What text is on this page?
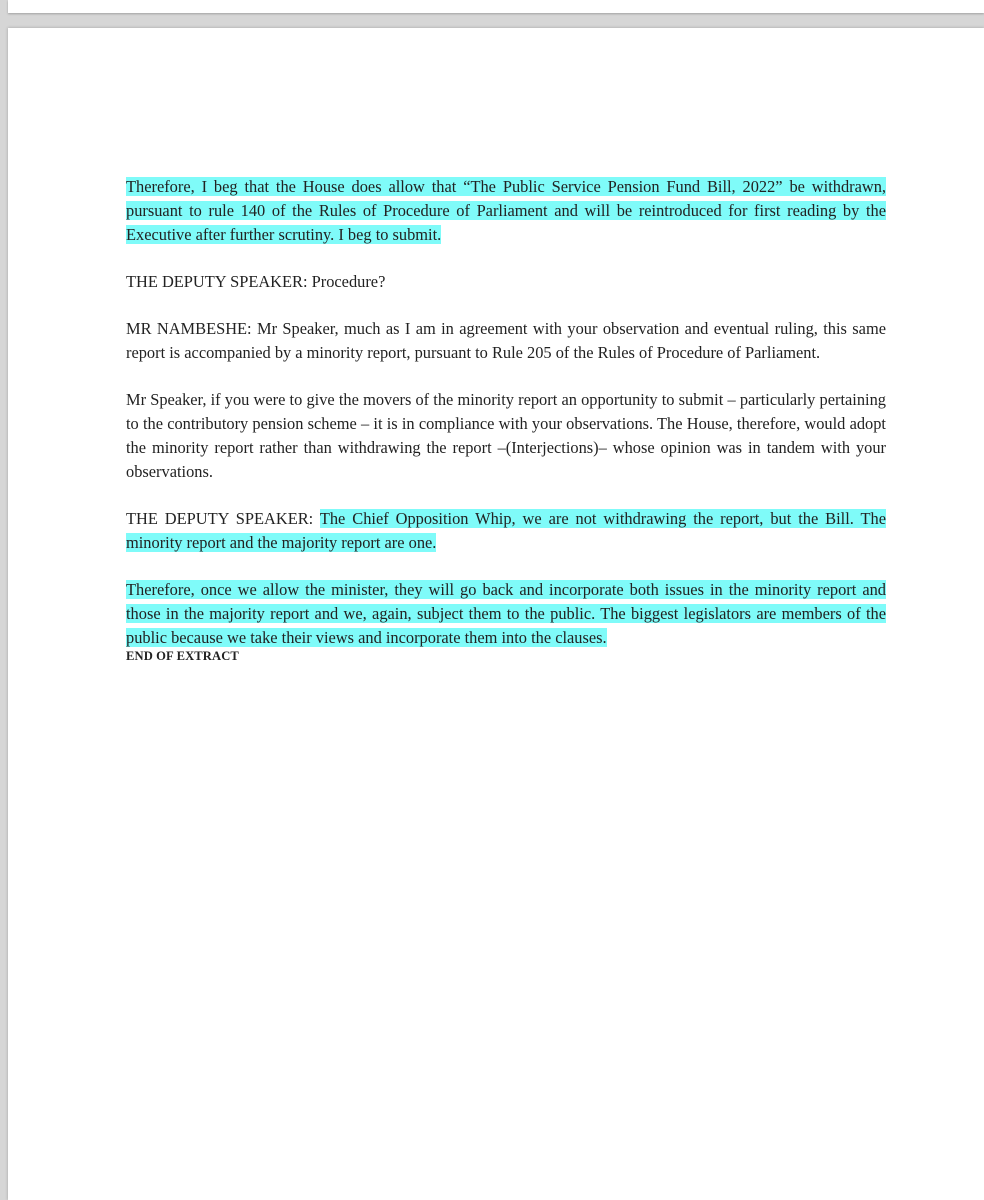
Therefore, I beg that the House does allow that “The Public Service Pension Fund Bill, 2022” be withdrawn, pursuant to rule 140 of the Rules of Procedure of Parliament and will be reintroduced for first reading by the Executive after further scrutiny. I beg to submit.

THE DEPUTY SPEAKER: Procedure?

MR NAMBESHE: Mr Speaker, much as I am in agreement with your observation and eventual ruling, this same report is accompanied by a minority report, pursuant to Rule 205 of the Rules of Procedure of Parliament.

Mr Speaker, if you were to give the movers of the minority report an opportunity to submit – particularly pertaining to the contributory pension scheme – it is in compliance with your observations. The House, therefore, would adopt the minority report rather than withdrawing the report –(Interjections)– whose opinion was in tandem with your observations.

THE DEPUTY SPEAKER: The Chief Opposition Whip, we are not withdrawing the report, but the Bill. The minority report and the majority report are one.

Therefore, once we allow the minister, they will go back and incorporate both issues in the minority report and those in the majority report and we, again, subject them to the public. The biggest legislators are members of the public because we take their views and incorporate them into the clauses.

END OF EXTRACT
